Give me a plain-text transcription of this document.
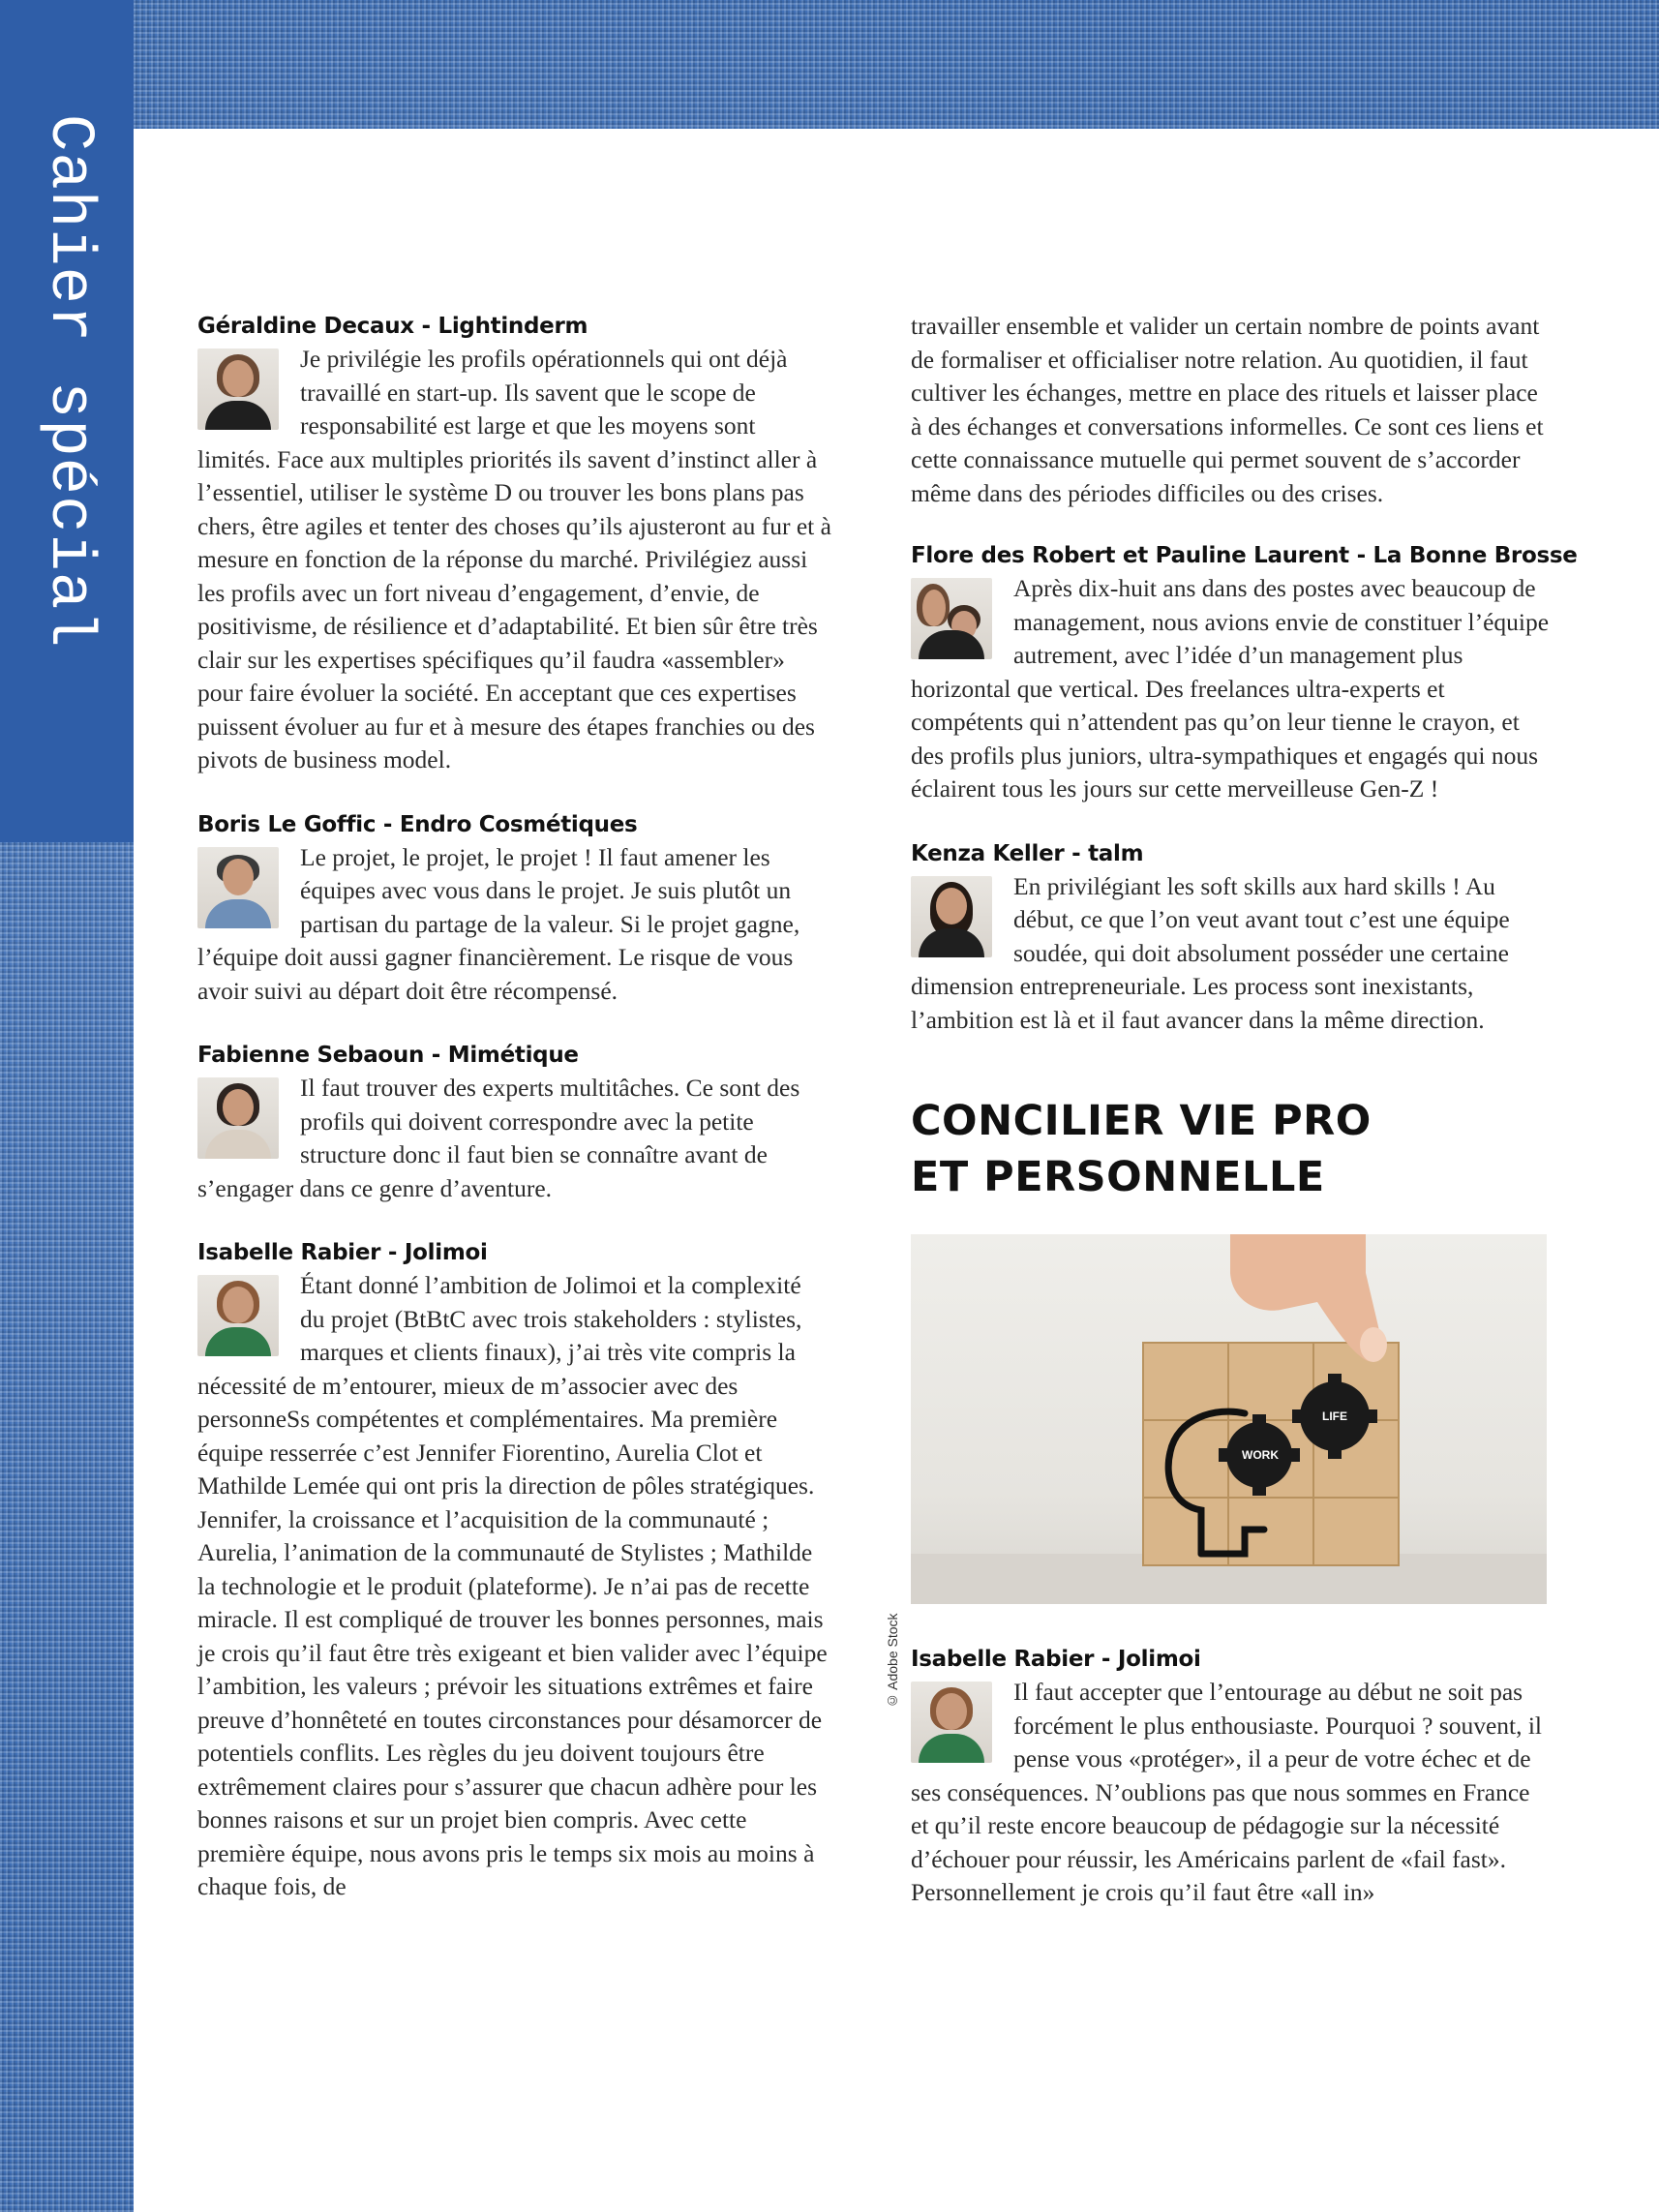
Cahier spécial	Géraldine Decaux - Lightinderm

Je privilégie les profils opérationnels qui ont déjà travaillé en start-up. Ils savent que le scope de responsabilité est large et que les moyens sont limités. Face aux multiples priorités ils savent d’instinct aller à l’essentiel, utiliser le système D ou trouver les bons plans pas chers, être agiles et tenter des choses qu’ils ajusteront au fur et à mesure en fonction de la réponse du marché. Privilégiez aussi les profils avec un fort niveau d’engagement, d’envie, de positivisme, de résilience et d’adaptabilité. Et bien sûr être très clair sur les expertises spécifiques qu’il faudra «assembler» pour faire évoluer la société. En acceptant que ces expertises puissent évoluer au fur et à mesure des étapes franchies ou des pivots de business model.

Boris Le Goffic - Endro Cosmétiques

Le projet, le projet, le projet ! Il faut amener les équipes avec vous dans le projet. Je suis plutôt un partisan du partage de la valeur. Si le projet gagne, l’équipe doit aussi gagner financièrement. Le risque de vous avoir suivi au départ doit être récompensé.

Fabienne Sebaoun - Mimétique

Il faut trouver des experts multitâches. Ce sont des profils qui doivent correspondre avec la petite structure donc il faut bien se connaître avant de s’engager dans ce genre d’aventure.

Isabelle Rabier - Jolimoi

Étant donné l’ambition de Jolimoi et la complexité du projet (BtBtC avec trois stakeholders : stylistes, marques et clients finaux), j’ai très vite compris la nécessité de m’entourer, mieux de m’associer avec des personneSs compétentes et complémentaires. Ma première équipe resserrée c’est Jennifer Fiorentino, Aurelia Clot et Mathilde Lemée qui ont pris la direction de pôles stratégiques. Jennifer, la croissance et l’acquisition de la communauté ; Aurelia, l’animation de la communauté de Stylistes ; Mathilde la technologie et le produit (plateforme). Je n’ai pas de recette miracle. Il est compliqué de trouver les bonnes personnes, mais je crois qu’il faut être très exigeant et bien valider avec l’équipe l’ambition, les valeurs ; prévoir les situations extrêmes et faire preuve d’honnêteté en toutes circonstances pour désamorcer de potentiels conflits. Les règles du jeu doivent toujours être extrêmement claires pour s’assurer que chacun adhère pour les bonnes raisons et sur un projet bien compris. Avec cette première équipe, nous avons pris le temps six mois au moins à chaque fois, de

travailler ensemble et valider un certain nombre de points avant de formaliser et officialiser notre relation. Au quotidien, il faut cultiver les échanges, mettre en place des rituels et laisser place à des échanges et conversations informelles. Ce sont ces liens et cette connaissance mutuelle qui permet souvent de s’accorder même dans des périodes difficiles ou des crises.

Flore des Robert et Pauline Laurent - La Bonne Brosse

Après dix-huit ans dans des postes avec beaucoup de management, nous avions envie de constituer l’équipe autrement, avec l’idée d’un management plus horizontal que vertical. Des freelances ultra-experts et compétents qui n’attendent pas qu’on leur tienne le crayon, et des profils plus juniors, ultra-sympathiques et engagés qui nous éclairent tous les jours sur cette merveilleuse Gen-Z !

Kenza Keller - talm

En privilégiant les soft skills aux hard skills ! Au début, ce que l’on veut avant tout c’est une équipe soudée, qui doit absolument posséder une certaine dimension entrepreneuriale. Les process sont inexistants, l’ambition est là et il faut avancer dans la même direction.

CONCILIER VIE PRO
ET PERSONNELLE
WORK
LIFE
Isabelle Rabier - Jolimoi

Il faut accepter que l’entourage au début ne soit pas forcément le plus enthousiaste. Pourquoi ? souvent, il pense vous «protéger», il a peur de votre échec et de ses conséquences. N’oublions pas que nous sommes en France et qu’il reste encore beaucoup de pédagogie sur la nécessité d’échouer pour réussir, les Américains parlent de «fail fast». Personnellement je crois qu’il faut être «all in»

© Adobe Stock
